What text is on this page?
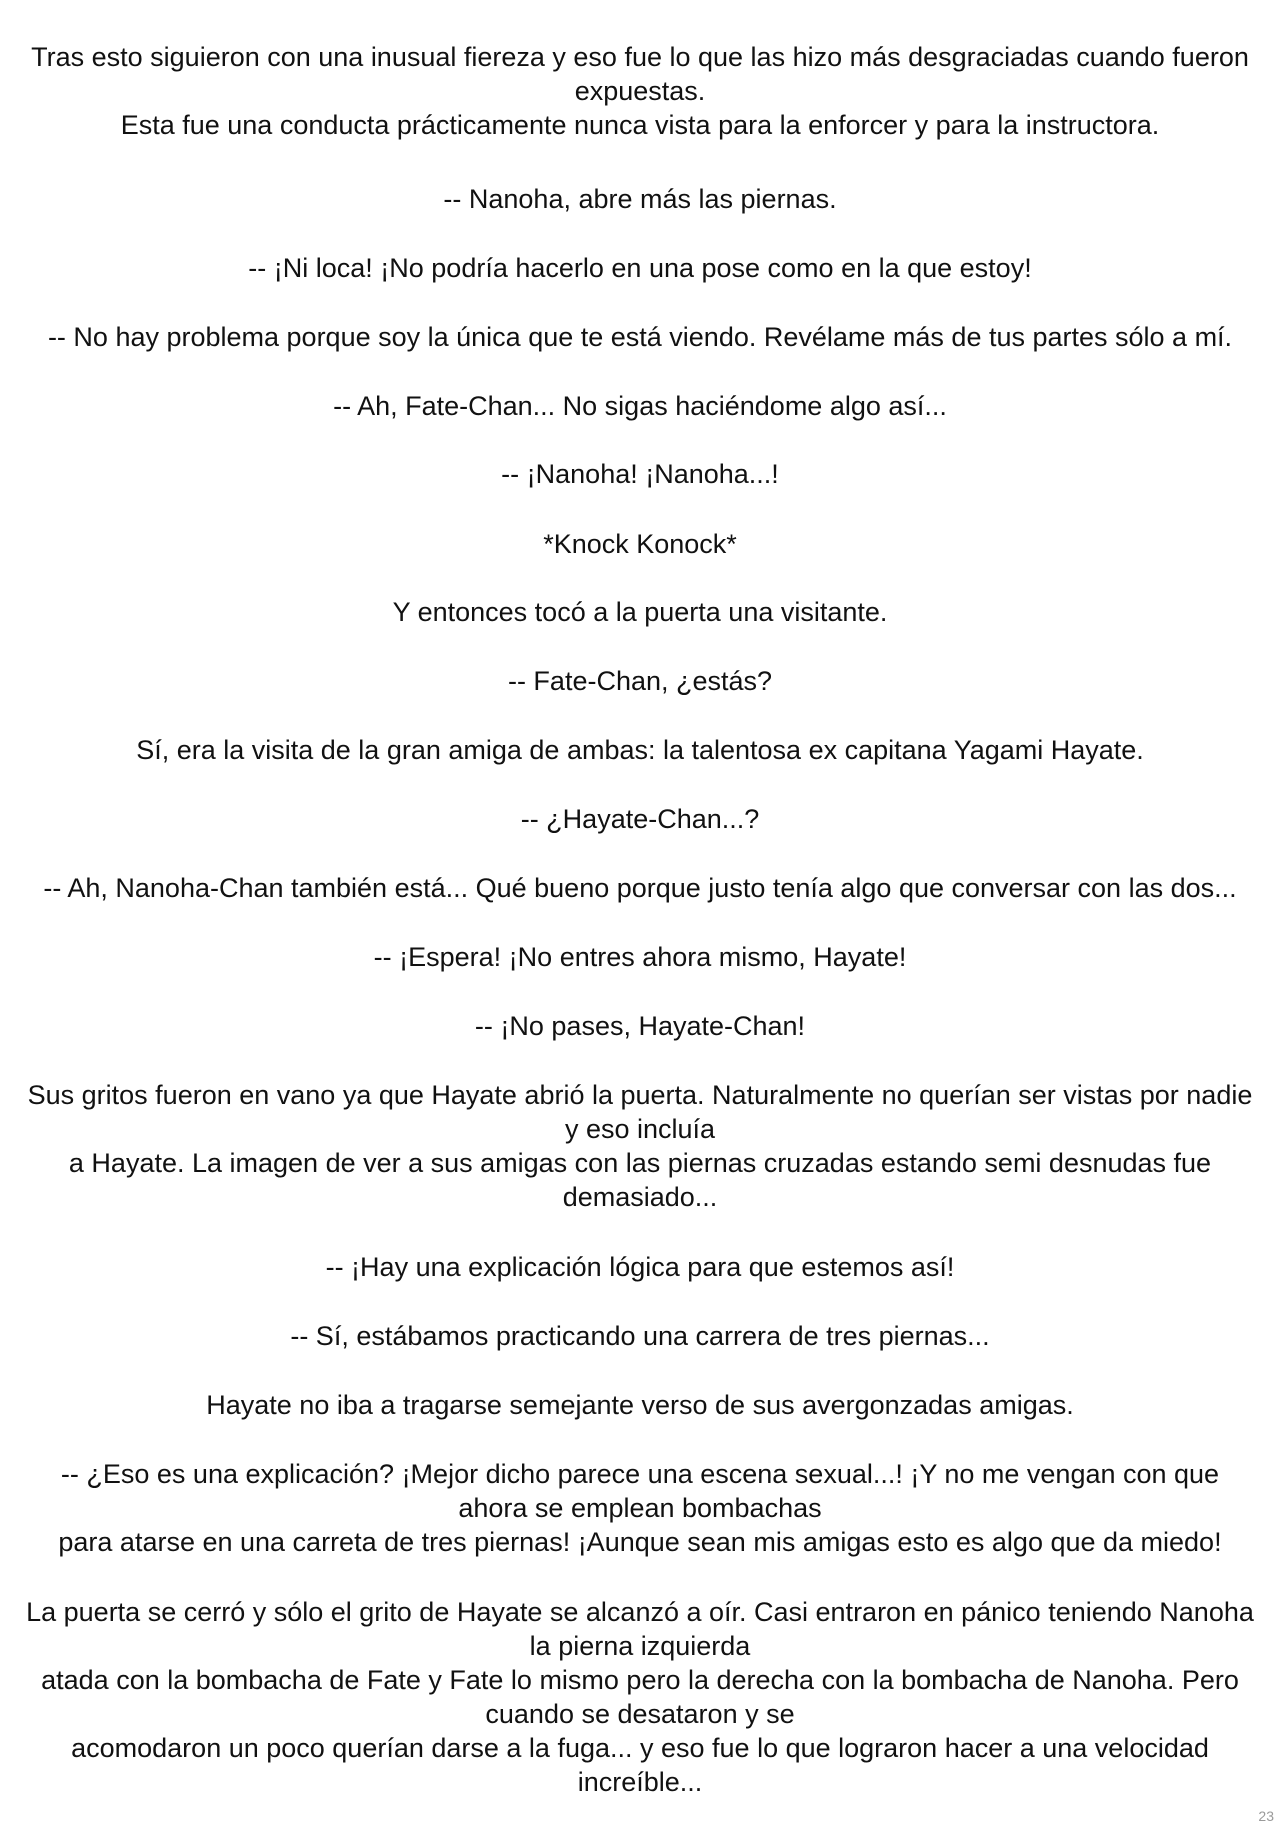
Tras esto siguieron con una inusual fiereza y eso fue lo que las hizo más desgraciadas cuando fueron
expuestas.
Esta fue una conducta prácticamente nunca vista para la enforcer y para la instructora.
-- Nanoha, abre más las piernas.
-- ¡Ni loca! ¡No podría hacerlo en una pose como en la que estoy!
-- No hay problema porque soy la única que te está viendo. Revélame más de tus partes sólo a mí.
-- Ah, Fate-Chan... No sigas haciéndome algo así...
-- ¡Nanoha! ¡Nanoha...!
*Knock Konock*
Y entonces tocó a la puerta una visitante.
-- Fate-Chan, ¿estás?
Sí, era la visita de la gran amiga de ambas: la talentosa ex capitana Yagami Hayate.
-- ¿Hayate-Chan...?
-- Ah, Nanoha-Chan también está... Qué bueno porque justo tenía algo que conversar con las dos...
-- ¡Espera! ¡No entres ahora mismo, Hayate!
-- ¡No pases, Hayate-Chan!
Sus gritos fueron en vano ya que Hayate abrió la puerta. Naturalmente no querían ser vistas por nadie
y eso incluía
a Hayate. La imagen de ver a sus amigas con las piernas cruzadas estando semi desnudas fue
demasiado...
-- ¡Hay una explicación lógica para que estemos así!
-- Sí, estábamos practicando una carrera de tres piernas...
Hayate no iba a tragarse semejante verso de sus avergonzadas amigas.
-- ¿Eso es una explicación? ¡Mejor dicho parece una escena sexual...! ¡Y no me vengan con que
ahora se emplean bombachas
para atarse en una carreta de tres piernas! ¡Aunque sean mis amigas esto es algo que da miedo!
La puerta se cerró y sólo el grito de Hayate se alcanzó a oír. Casi entraron en pánico teniendo Nanoha
la pierna izquierda
atada con la bombacha de Fate y Fate lo mismo pero la derecha con la bombacha de Nanoha. Pero
cuando se desataron y se
acomodaron un poco querían darse a la fuga... y eso fue lo que lograron hacer a una velocidad
increíble...
23
